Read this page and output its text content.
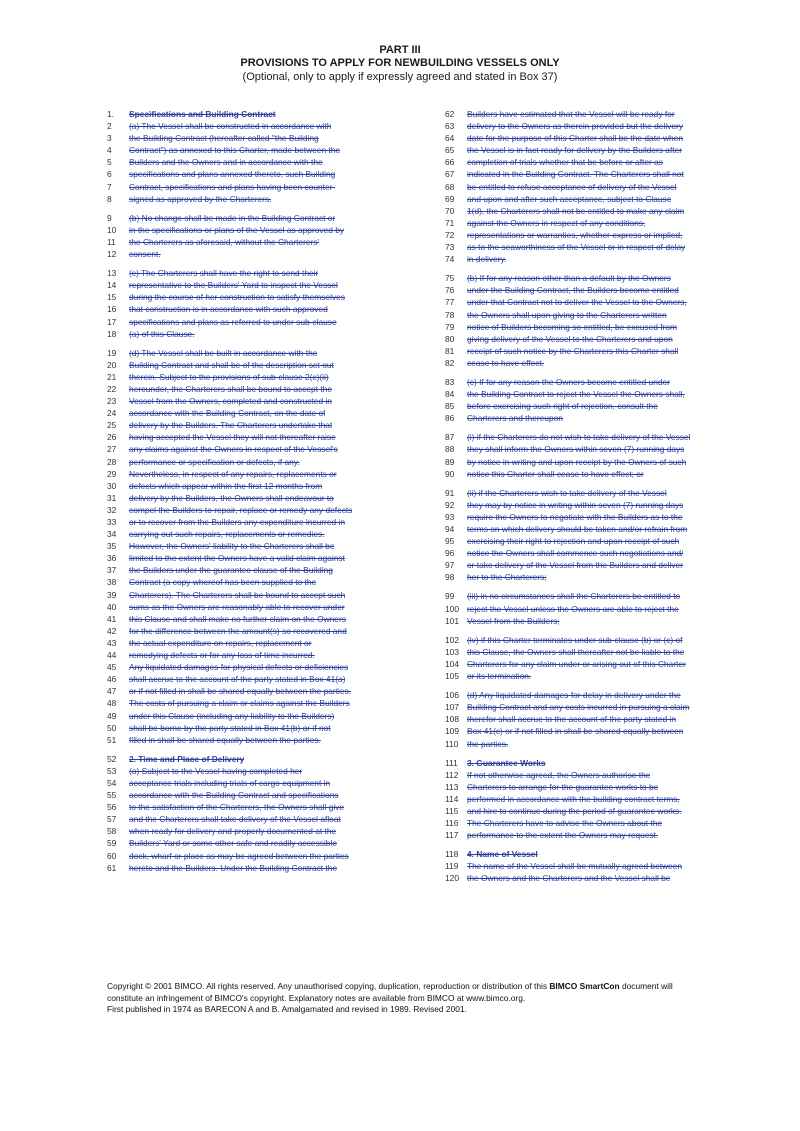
PART III
PROVISIONS TO APPLY FOR NEWBUILDING VESSELS ONLY
(Optional, only to apply if expressly agreed and stated in Box 37)
1.	Specifications and Building Contract
2	(a) The Vessel shall be constructed in accordance with
3	the Building Contract (hereafter called "the Building
4	Contract") as annexed to this Charter, made between the
5	Builders and the Owners and in accordance with the
6	specifications and plans annexed thereto, such Building
7	Contract, specifications and plans having been counter-
8	signed as approved by the Charterers.
9	(b) No change shall be made in the Building Contract or
10	in the specifications or plans of the Vessel as approved by
11	the Charterers as aforesaid, without the Charterers'
12	consent.
13	(c) The Charterers shall have the right to send their
14	representative to the Builders' Yard to inspect the Vessel
15	during the course of her construction to satisfy themselves
16	that construction is in accordance with such approved
17	specifications and plans as referred to under sub-clause
18	(a) of this Clause.
19	(d) The Vessel shall be built in accordance with the
20	Building Contract and shall be of the description set out
21	therein. Subject to the provisions of sub-clause 2(c)(ii)
22	hereunder, the Charterers shall be bound to accept the
23	Vessel from the Owners, completed and constructed in
24	accordance with the Building Contract, on the date of
25	delivery by the Builders. The Charterers undertake that
26	having accepted the Vessel they will not thereafter raise
27	any claims against the Owners in respect of the Vessel's
28	performance or specification or defects, if any.
29	Nevertheless, in respect of any repairs, replacements or
30	defects which appear within the first 12 months from
31	delivery by the Builders, the Owners shall endeavour to
32	compel the Builders to repair, replace or remedy any defects
33	or to recover from the Builders any expenditure incurred in
34	carrying out such repairs, replacements or remedies.
35	However, the Owners' liability to the Charterers shall be
36	limited to the extent the Owners have a valid claim against
37	the Builders under the guarantee clause of the Building
38	Contract (a copy whereof has been supplied to the
39	Charterers). The Charterers shall be bound to accept such
40	sums as the Owners are reasonably able to recover under
41	this Clause and shall make no further claim on the Owners
42	for the difference between the amount(s) so recovered and
43	the actual expenditure on repairs, replacement or
44	remedying defects or for any loss of time incurred.
45	Any liquidated damages for physical defects or deficiencies
46	shall accrue to the account of the party stated in Box 41(a)
47	or if not filled in shall be shared equally between the parties.
48	The costs of pursuing a claim or claims against the Builders
49	under this Clause (including any liability to the Builders)
50	shall be borne by the party stated in Box 41(b) or if not
51	filled in shall be shared equally between the parties.
52	2. Time and Place of Delivery
53	(a) Subject to the Vessel having completed her
54	acceptance trials including trials of cargo equipment in
55	accordance with the Building Contract and specifications
56	to the satisfaction of the Charterers, the Owners shall give
57	and the Charterers shall take delivery of the Vessel afloat
58	when ready for delivery and properly documented at the
59	Builders' Yard or some other safe and readily accessible
60	dock, wharf or place as may be agreed between the parties
61	hereto and the Builders. Under the Building Contract the
62	Builders have estimated that the Vessel will be ready for
63	delivery to the Owners as therein provided but the delivery
64	date for the purpose of this Charter shall be the date when
65	the Vessel is in fact ready for delivery by the Builders after
66	completion of trials whether that be before or after as
67	indicated in the Building Contract. The Charterers shall not
68	be entitled to refuse acceptance of delivery of the Vessel
69	and upon and after such acceptance, subject to Clause
70	1(d), the Charterers shall not be entitled to make any claim
71	against the Owners in respect of any conditions,
72	representations or warranties, whether express or implied,
73	as to the seaworthiness of the Vessel or in respect of delay
74	in delivery.
75	(b) If for any reason other than a default by the Owners
76	under the Building Contract, the Builders become entitled
77	under that Contract not to deliver the Vessel to the Owners,
78	the Owners shall upon giving to the Charterers written
79	notice of Builders becoming so entitled, be excused from
80	giving delivery of the Vessel to the Charterers and upon
81	receipt of such notice by the Charterers this Charter shall
82	cease to have effect.
83	(c) If for any reason the Owners become entitled under
84	the Building Contract to reject the Vessel the Owners shall,
85	before exercising such right of rejection, consult the
86	Charterers and thereupon
87	(i) if the Charterers do not wish to take delivery of the Vessel
88	they shall inform the Owners within seven (7) running days
89	by notice in writing and upon receipt by the Owners of such
90	notice this Charter shall cease to have effect; or
91	(ii) if the Charterers wish to take delivery of the Vessel
92	they may by notice in writing within seven (7) running days
93	require the Owners to negotiate with the Builders as to the
94	terms on which delivery should be taken and/or refrain from
95	exercising their right to rejection and upon receipt of such
96	notice the Owners shall commence such negotiations and/
97	or take delivery of the Vessel from the Builders and deliver
98	her to the Charterers;
99	(iii) in no circumstances shall the Charterers be entitled to
100 reject the Vessel unless the Owners are able to reject the
101 Vessel from the Builders;
102 (iv) if this Charter terminates under sub-clause (b) or (c) of
103 this Clause, the Owners shall thereafter not be liable to the
104 Charterers for any claim under or arising out of this Charter
105 or its termination.
106 (d) Any liquidated damages for delay in delivery under the
107 Building Contract and any costs incurred in pursuing a claim
108 therefor shall accrue to the account of the party stated in
109 Box 41(c) or if not filled in shall be shared equally between
110	the parties.
111	3. Guarantee Works
112	If not otherwise agreed, the Owners authorise the
113	Charterers to arrange for the guarantee works to be
114	performed in accordance with the building contract terms,
115	and hire to continue during the period of guarantee works.
116	The Charterers have to advise the Owners about the
117	performance to the extent the Owners may request.
118	4. Name of Vessel
119	The name of the Vessel shall be mutually agreed between
120 the Owners and the Charterers and the Vessel shall be
Copyright © 2001 BIMCO. All rights reserved. Any unauthorised copying, duplication, reproduction or distribution of this BIMCO SmartCon document will
constitute an infringement of BIMCO's copyright. Explanatory notes are available from BIMCO at www.bimco.org.
First published in 1974 as BARECON A and B. Amalgamated and revised in 1989. Revised 2001.
